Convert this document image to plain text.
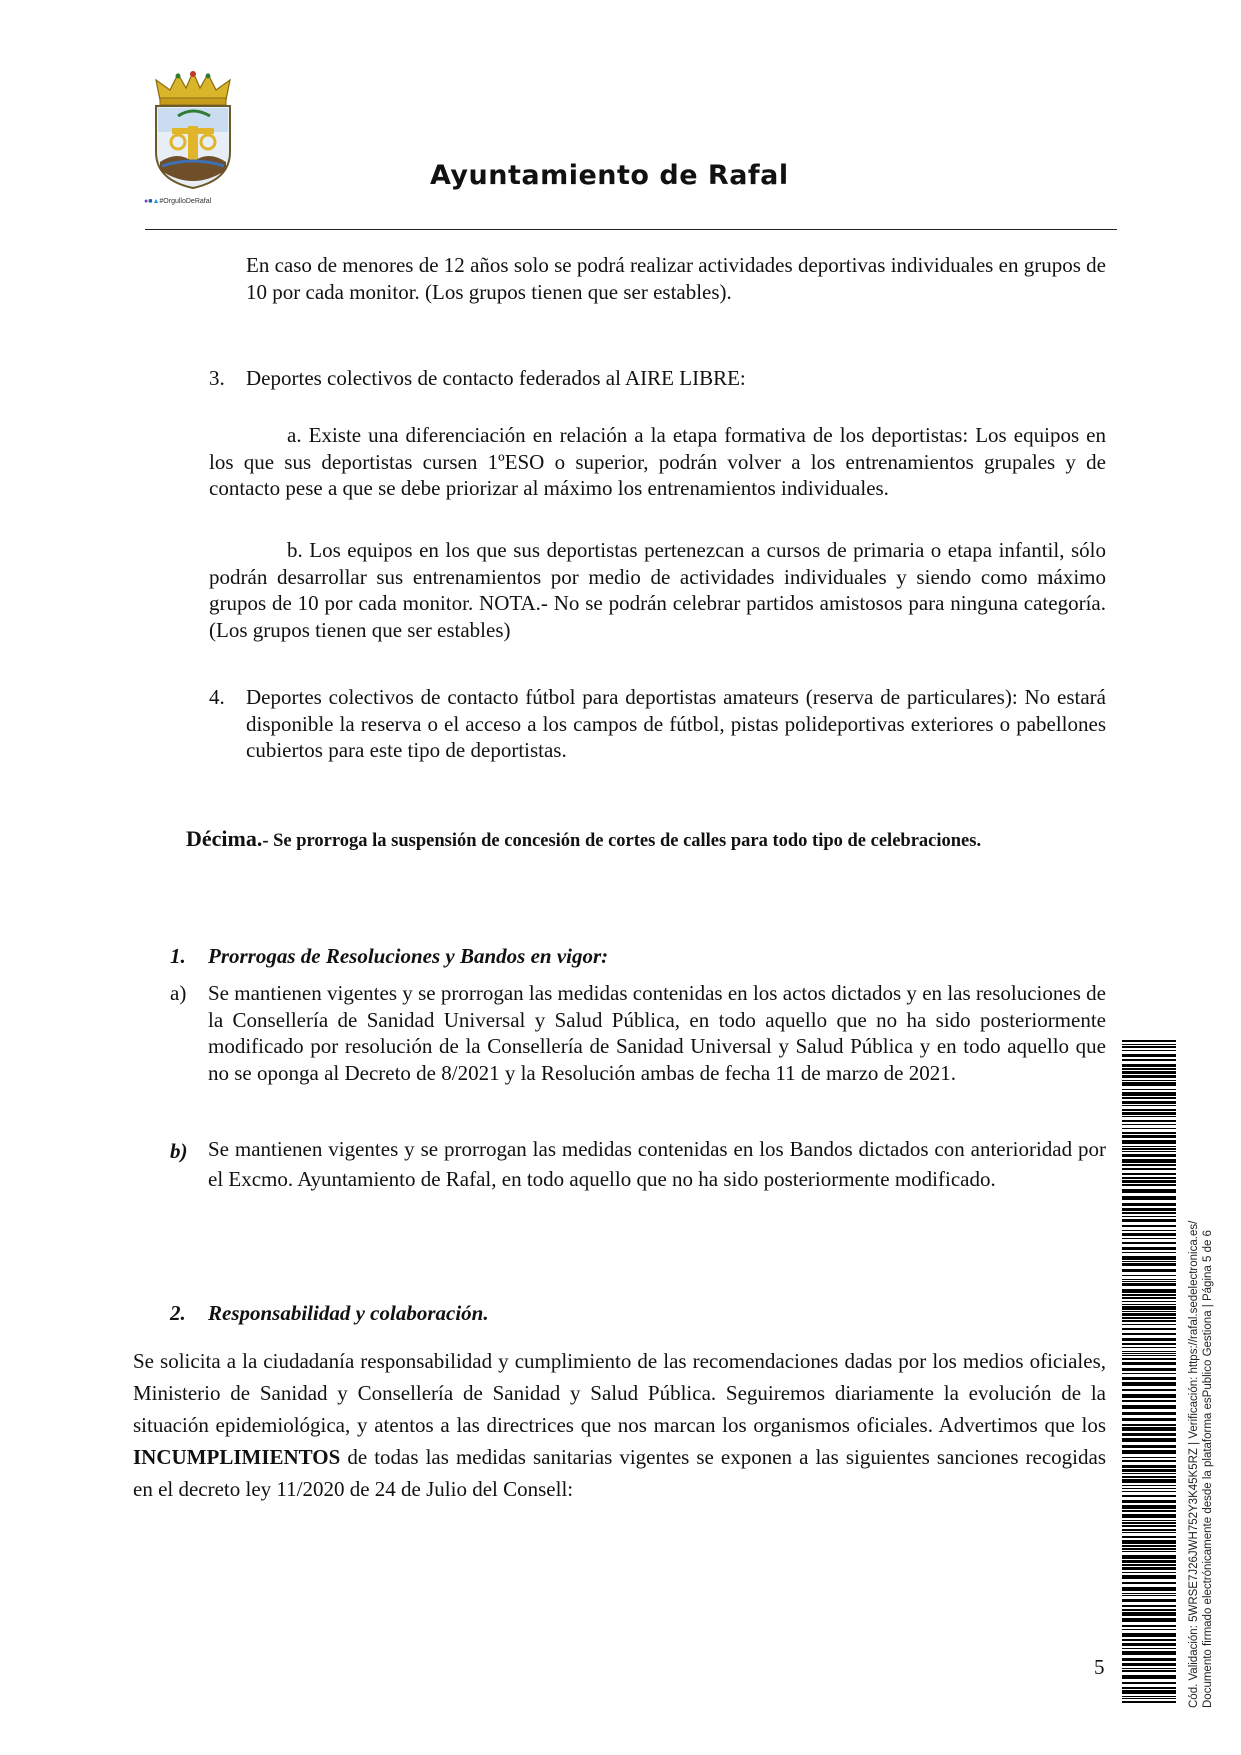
●■▲#OrgulloDeRafal
Ayuntamiento de Rafal

En caso de menores de 12 años solo se podrá realizar actividades deportivas individuales en grupos de 10 por cada monitor. (Los grupos tienen que ser estables).

3. Deportes colectivos de contacto federados al AIRE LIBRE:

a. Existe una diferenciación en relación a la etapa formativa de los deportistas: Los equipos en los que sus deportistas cursen 1ºESO o superior, podrán volver a los entrenamientos grupales y de contacto pese a que se debe priorizar al máximo los entrenamientos individuales.

b. Los equipos en los que sus deportistas pertenezcan a cursos de primaria o etapa infantil, sólo podrán desarrollar sus entrenamientos por medio de actividades individuales y siendo como máximo grupos de 10 por cada monitor. NOTA.- No se podrán celebrar partidos amistosos para ninguna categoría. (Los grupos tienen que ser estables)

4. Deportes colectivos de contacto fútbol para deportistas amateurs (reserva de particulares): No estará disponible la reserva o el acceso a los campos de fútbol, pistas polideportivas exteriores o pabellones cubiertos para este tipo de deportistas.

Décima.- Se prorroga la suspensión de concesión de cortes de calles para todo tipo de celebraciones.

1. Prorrogas de Resoluciones y Bandos en vigor:
a) Se mantienen vigentes y se prorrogan las medidas contenidas en los actos dictados y en las resoluciones de la Consellería de Sanidad Universal y Salud Pública, en todo aquello que no ha sido posteriormente modificado por resolución de la Consellería de Sanidad Universal y Salud Pública y en todo aquello que no se oponga al Decreto de 8/2021 y la Resolución ambas de fecha 11 de marzo de 2021.

b) Se mantienen vigentes y se prorrogan las medidas contenidas en los Bandos dictados con anterioridad por el Excmo. Ayuntamiento de Rafal, en todo aquello que no ha sido posteriormente modificado.

2. Responsabilidad y colaboración.

Se solicita a la ciudadanía responsabilidad y cumplimiento de las recomendaciones dadas por los medios oficiales, Ministerio de Sanidad y Consellería de Sanidad y Salud Pública. Seguiremos diariamente la evolución de la situación epidemiológica, y atentos a las directrices que nos marcan los organismos oficiales. Advertimos que los INCUMPLIMIENTOS de todas las medidas sanitarias vigentes se exponen a las siguientes sanciones recogidas en el decreto ley 11/2020 de 24 de Julio del Consell:

5	Cód. Validación: 5WRSE7J26JWH752Y3K45K5RZ | Verificación: https://rafal.sedelectronica.es/ Documento firmado electrónicamente desde la plataforma esPublico Gestiona | Página 5 de 6
